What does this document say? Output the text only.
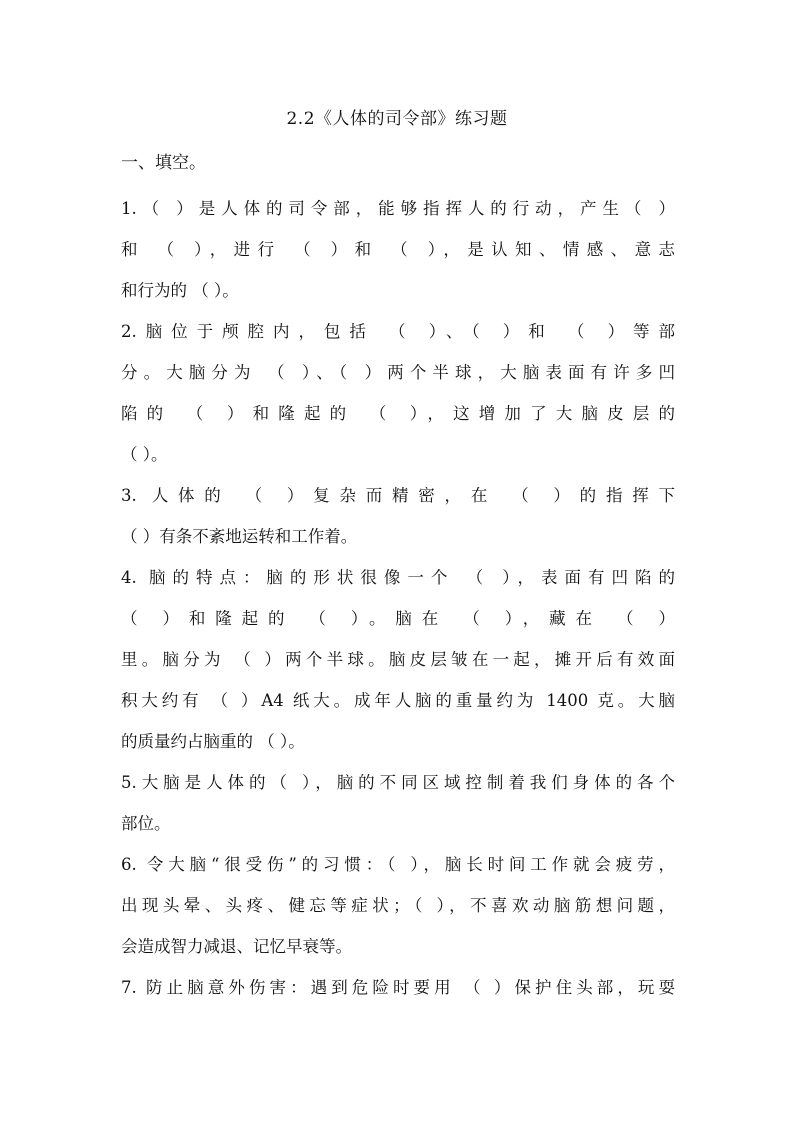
2.2《人体的司令部》练习题
一、填空。
1.（ ）是人体的司令部，能够指挥人的行动，产生（ ）
和 （ ），进行 （ ）和 （ ），是认知、情感、意志
和行为的 （ ）。
2.脑位于颅腔内，包括 （ ）、（ ）和 （ ）等部
分。大脑分为 （ ）、（ ）两个半球，大脑表面有许多凹
陷的 （ ）和隆起的 （ ），这增加了大脑皮层的
（ ）。
3. 人体的 （ ）复杂而精密，在 （ ）的指挥下
（ ）有条不紊地运转和工作着。
4. 脑的特点：脑的形状很像一个 （ ），表面有凹陷的
（ ）和隆起的 （ ）。脑在 （ ），藏在 （ ）
里。脑分为 （ ）两个半球。脑皮层皱在一起，摊开后有效面
积大约有 （ ）A4 纸大。成年人脑的重量约为 1400 克。大脑
的质量约占脑重的 （ ）。
5.大脑是人体的（ ），脑的不同区域控制着我们身体的各个
部位。
6. 令大脑“很受伤”的习惯：（ ），脑长时间工作就会疲劳，
出现头晕、头疼、健忘等症状；（ ），不喜欢动脑筋想问题，
会造成智力减退、记忆早衰等。
7. 防止脑意外伤害：遇到危险时要用 （ ）保护住头部，玩耍
